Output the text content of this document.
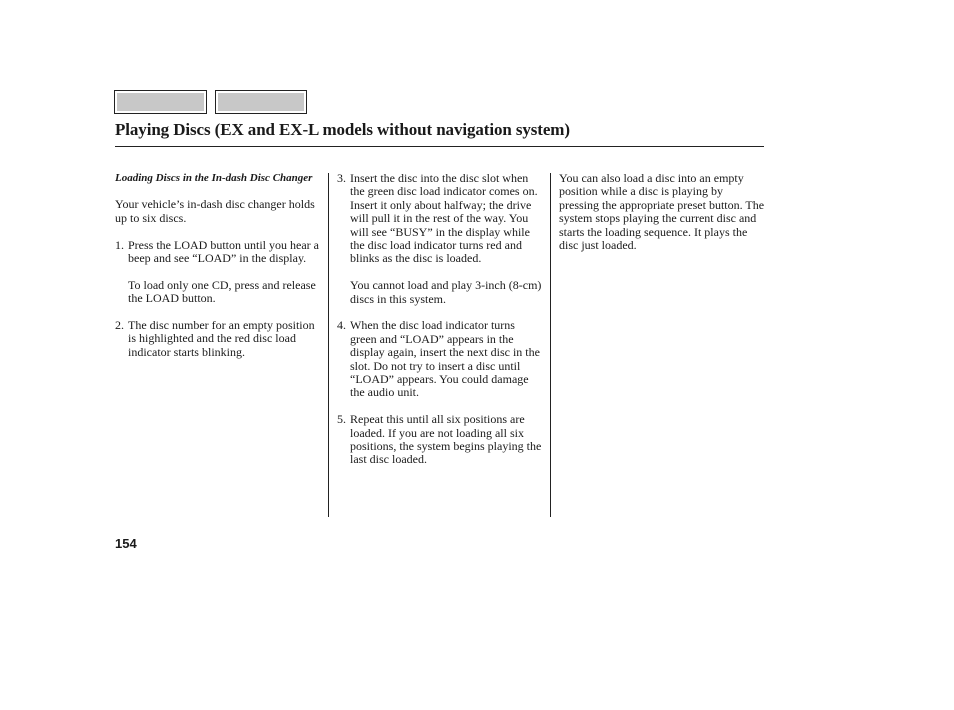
Playing Discs (EX and EX-L models without navigation system)

Loading Discs in the In-dash Disc Changer

Your vehicle’s in-dash disc changer holds up to six discs.

1. Press the LOAD button until you hear a beep and see “LOAD” in the display.

To load only one CD, press and release the LOAD button.

2. The disc number for an empty position is highlighted and the red disc load indicator starts blinking.
3. Insert the disc into the disc slot when the green disc load indicator comes on. Insert it only about halfway; the drive will pull it in the rest of the way. You will see “BUSY” in the display while the disc load indicator turns red and blinks as the disc is loaded.

You cannot load and play 3-inch (8-cm) discs in this system.

4. When the disc load indicator turns green and “LOAD” appears in the display again, insert the next disc in the slot. Do not try to insert a disc until “LOAD” appears. You could damage the audio unit.
5. Repeat this until all six positions are loaded. If you are not loading all six positions, the system begins playing the last disc loaded.

You can also load a disc into an empty position while a disc is playing by pressing the appropriate preset button. The system stops playing the current disc and starts the loading sequence. It plays the disc just loaded.

154
